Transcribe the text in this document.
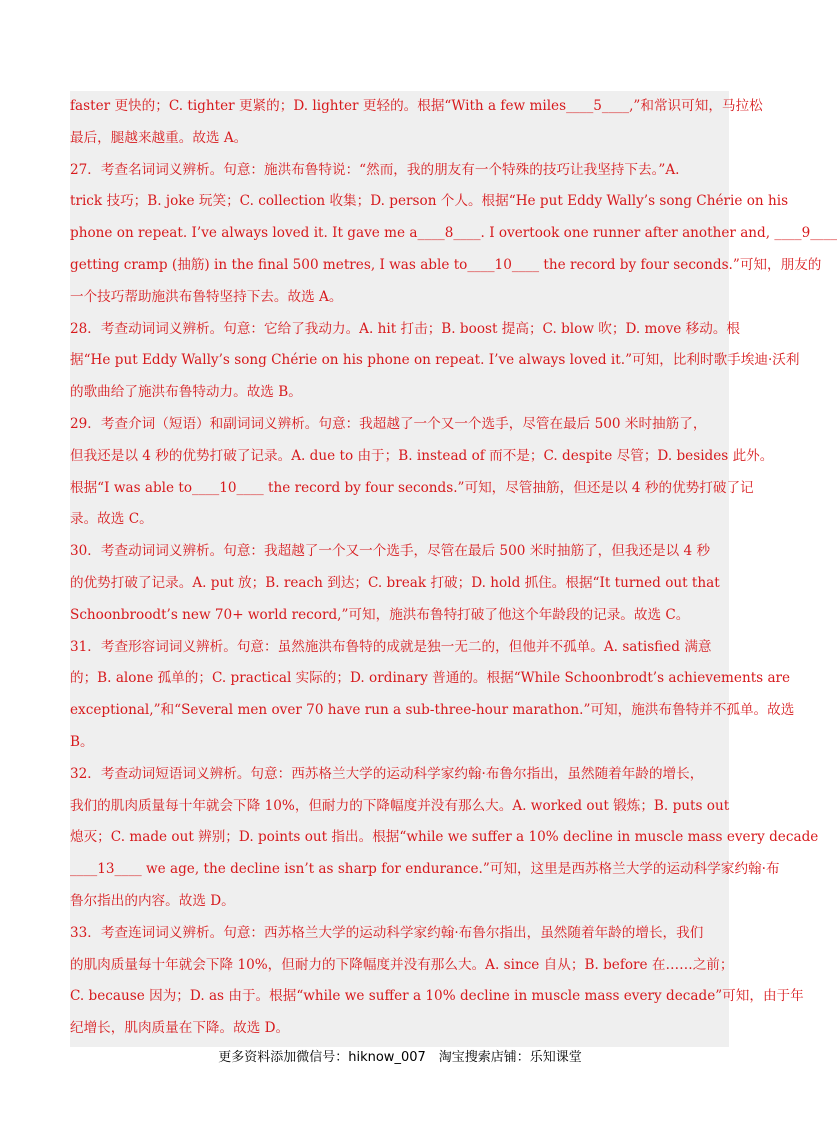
faster 更快的；C. tighter 更紧的；D. lighter 更轻的。根据“With a few miles____5____,”和常识可知，马拉松
最后，腿越来越重。故选 A。
27．考查名词词义辨析。句意：施洪布鲁特说：“然而，我的朋友有一个特殊的技巧让我坚持下去。”A.
trick 技巧；B. joke 玩笑；C. collection 收集；D. person 个人。根据“He put Eddy Wally’s song Chérie on his
phone on repeat. I’ve always loved it. It gave me a____8____. I overtook one runner after another and, ____9____
getting cramp (抽筋) in the final 500 metres, I was able to____10____ the record by four seconds.”可知，朋友的
一个技巧帮助施洪布鲁特坚持下去。故选 A。
28．考查动词词义辨析。句意：它给了我动力。A. hit 打击；B. boost 提高；C. blow 吹；D. move 移动。根
据“He put Eddy Wally’s song Chérie on his phone on repeat. I’ve always loved it.”可知，比利时歌手埃迪·沃利
的歌曲给了施洪布鲁特动力。故选 B。
29．考查介词（短语）和副词词义辨析。句意：我超越了一个又一个选手，尽管在最后 500 米时抽筋了，
但我还是以 4 秒的优势打破了记录。A. due to 由于；B. instead of 而不是；C. despite 尽管；D. besides 此外。
根据“I was able to____10____ the record by four seconds.”可知，尽管抽筋，但还是以 4 秒的优势打破了记
录。故选 C。
30．考查动词词义辨析。句意：我超越了一个又一个选手，尽管在最后 500 米时抽筋了，但我还是以 4 秒
的优势打破了记录。A. put 放；B. reach 到达；C. break 打破；D. hold 抓住。根据“It turned out that
Schoonbroodt’s new 70+ world record,”可知，施洪布鲁特打破了他这个年龄段的记录。故选 C。
31．考查形容词词义辨析。句意：虽然施洪布鲁特的成就是独一无二的，但他并不孤单。A. satisfied 满意
的；B. alone 孤单的；C. practical 实际的；D. ordinary 普通的。根据“While Schoonbrodt’s achievements are
exceptional,”和“Several men over 70 have run a sub-three-hour marathon.”可知，施洪布鲁特并不孤单。故选
B。
32．考查动词短语词义辨析。句意：西苏格兰大学的运动科学家约翰·布鲁尔指出，虽然随着年龄的增长，
我们的肌肉质量每十年就会下降 10%，但耐力的下降幅度并没有那么大。A. worked out 锻炼；B. puts out
熄灭；C. made out 辨别；D. points out 指出。根据“while we suffer a 10% decline in muscle mass every decade
____13____ we age, the decline isn’t as sharp for endurance.”可知，这里是西苏格兰大学的运动科学家约翰·布
鲁尔指出的内容。故选 D。
33．考查连词词义辨析。句意：西苏格兰大学的运动科学家约翰·布鲁尔指出，虽然随着年龄的增长，我们
的肌肉质量每十年就会下降 10%，但耐力的下降幅度并没有那么大。A. since 自从；B. before 在……之前；
C. because 因为；D. as 由于。根据“while we suffer a 10% decline in muscle mass every decade”可知，由于年
纪增长，肌肉质量在下降。故选 D。
更多资料添加微信号：hiknow_007　淘宝搜索店铺：乐知课堂
